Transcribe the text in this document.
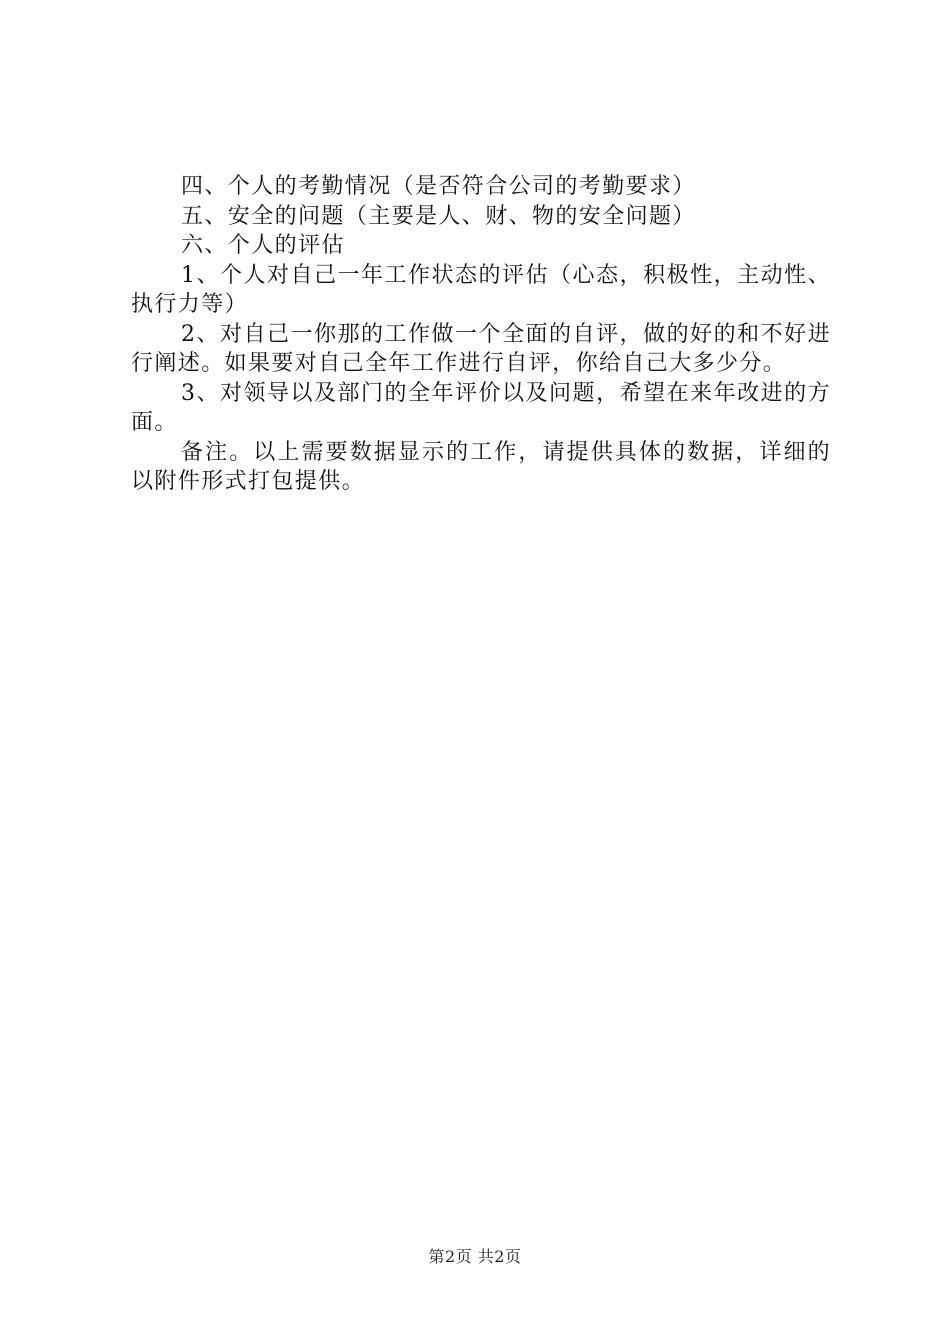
四、个人的考勤情况（是否符合公司的考勤要求）

五、安全的问题（主要是人、财、物的安全问题）

六、个人的评估

1、个人对自己一年工作状态的评估（心态，积极性，主动性、执行力等）

2、对自己一你那的工作做一个全面的自评，做的好的和不好进行阐述。如果要对自己全年工作进行自评，你给自己大多少分。

3、对领导以及部门的全年评价以及问题，希望在来年改进的方面。

备注。以上需要数据显示的工作，请提供具体的数据，详细的以附件形式打包提供。

第2页 共2页
